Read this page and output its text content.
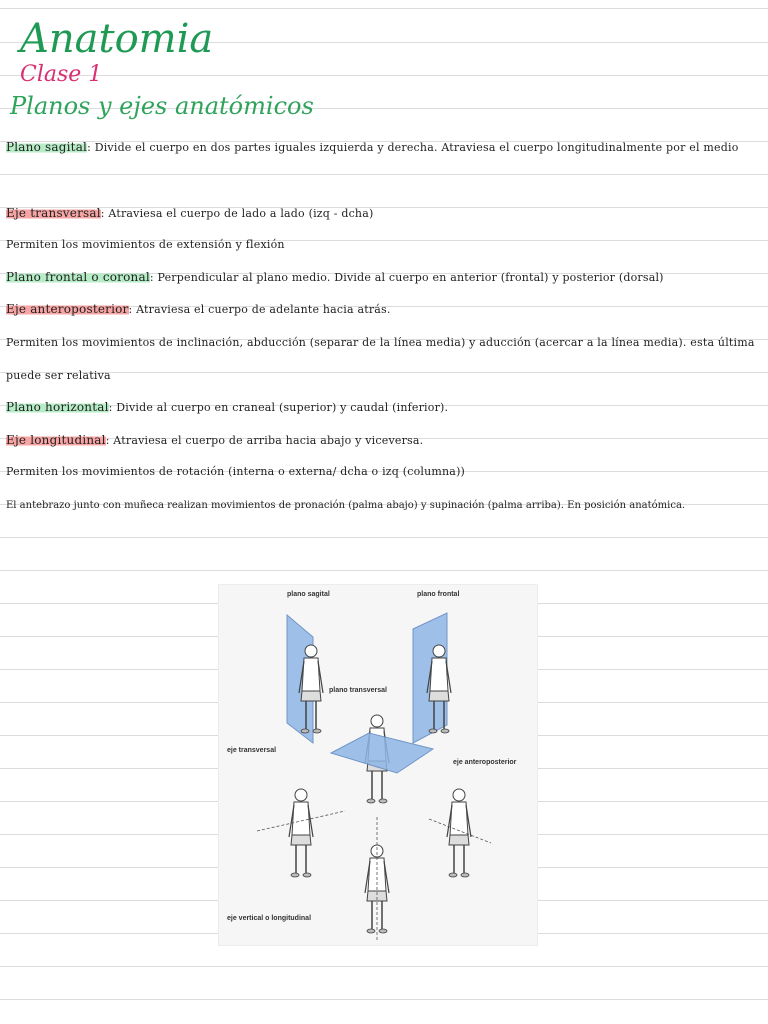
Anatomia
Clase 1
Planos y ejes anatómicos

Plano sagital: Divide el cuerpo en dos partes iguales izquierda y derecha. Atraviesa el cuerpo longitudinalmente por el medio

Eje transversal: Atraviesa el cuerpo de lado a lado (izq - dcha)

Permiten los movimientos de extensión y flexión

Plano frontal o coronal: Perpendicular al plano medio. Divide al cuerpo en anterior (frontal) y posterior (dorsal)

Eje anteroposterior: Atraviesa el cuerpo de adelante hacia atrás.

Permiten los movimientos de inclinación, abducción (separar de la línea media) y aducción (acercar a la línea media). esta última puede ser relativa

Plano horizontal: Divide al cuerpo en craneal (superior) y caudal (inferior).

Eje longitudinal: Atraviesa el cuerpo de arriba hacia abajo y viceversa.

Permiten los movimientos de rotación (interna o externa/ dcha o izq (columna))

El antebrazo junto con muñeca realizan movimientos de pronación (palma abajo) y supinación (palma arriba). En posición anatómica.

plano sagital	plano frontal

plano transversal

eje transversal

eje anteroposterior

eje vertical o longitudinal
